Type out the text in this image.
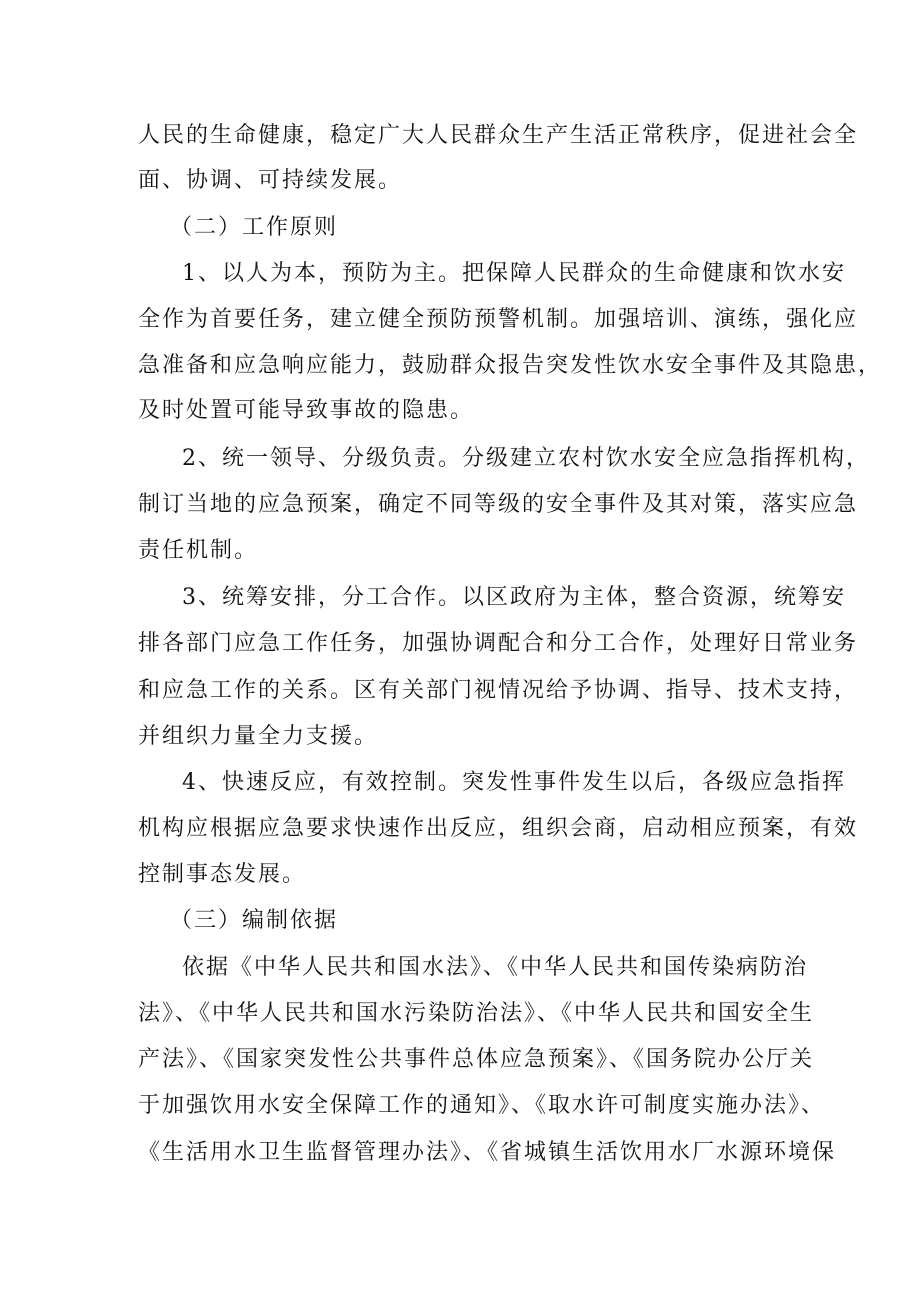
人民的生命健康，稳定广大人民群众生产生活正常秩序，促进社会全
面、协调、可持续发展。
（二）工作原则
1、以人为本，预防为主。把保障人民群众的生命健康和饮水安
全作为首要任务，建立健全预防预警机制。加强培训、演练，强化应
急准备和应急响应能力，鼓励群众报告突发性饮水安全事件及其隐患，
及时处置可能导致事故的隐患。
2、统一领导、分级负责。分级建立农村饮水安全应急指挥机构，
制订当地的应急预案，确定不同等级的安全事件及其对策，落实应急
责任机制。
3、统筹安排，分工合作。以区政府为主体，整合资源，统筹安
排各部门应急工作任务，加强协调配合和分工合作，处理好日常业务
和应急工作的关系。区有关部门视情况给予协调、指导、技术支持，
并组织力量全力支援。
4、快速反应，有效控制。突发性事件发生以后，各级应急指挥
机构应根据应急要求快速作出反应，组织会商，启动相应预案，有效
控制事态发展。
（三）编制依据
依据《中华人民共和国水法》、《中华人民共和国传染病防治
法》、《中华人民共和国水污染防治法》、《中华人民共和国安全生
产法》、《国家突发性公共事件总体应急预案》、《国务院办公厅关
于加强饮用水安全保障工作的通知》、《取水许可制度实施办法》、
《生活用水卫生监督管理办法》、《省城镇生活饮用水厂水源环境保
